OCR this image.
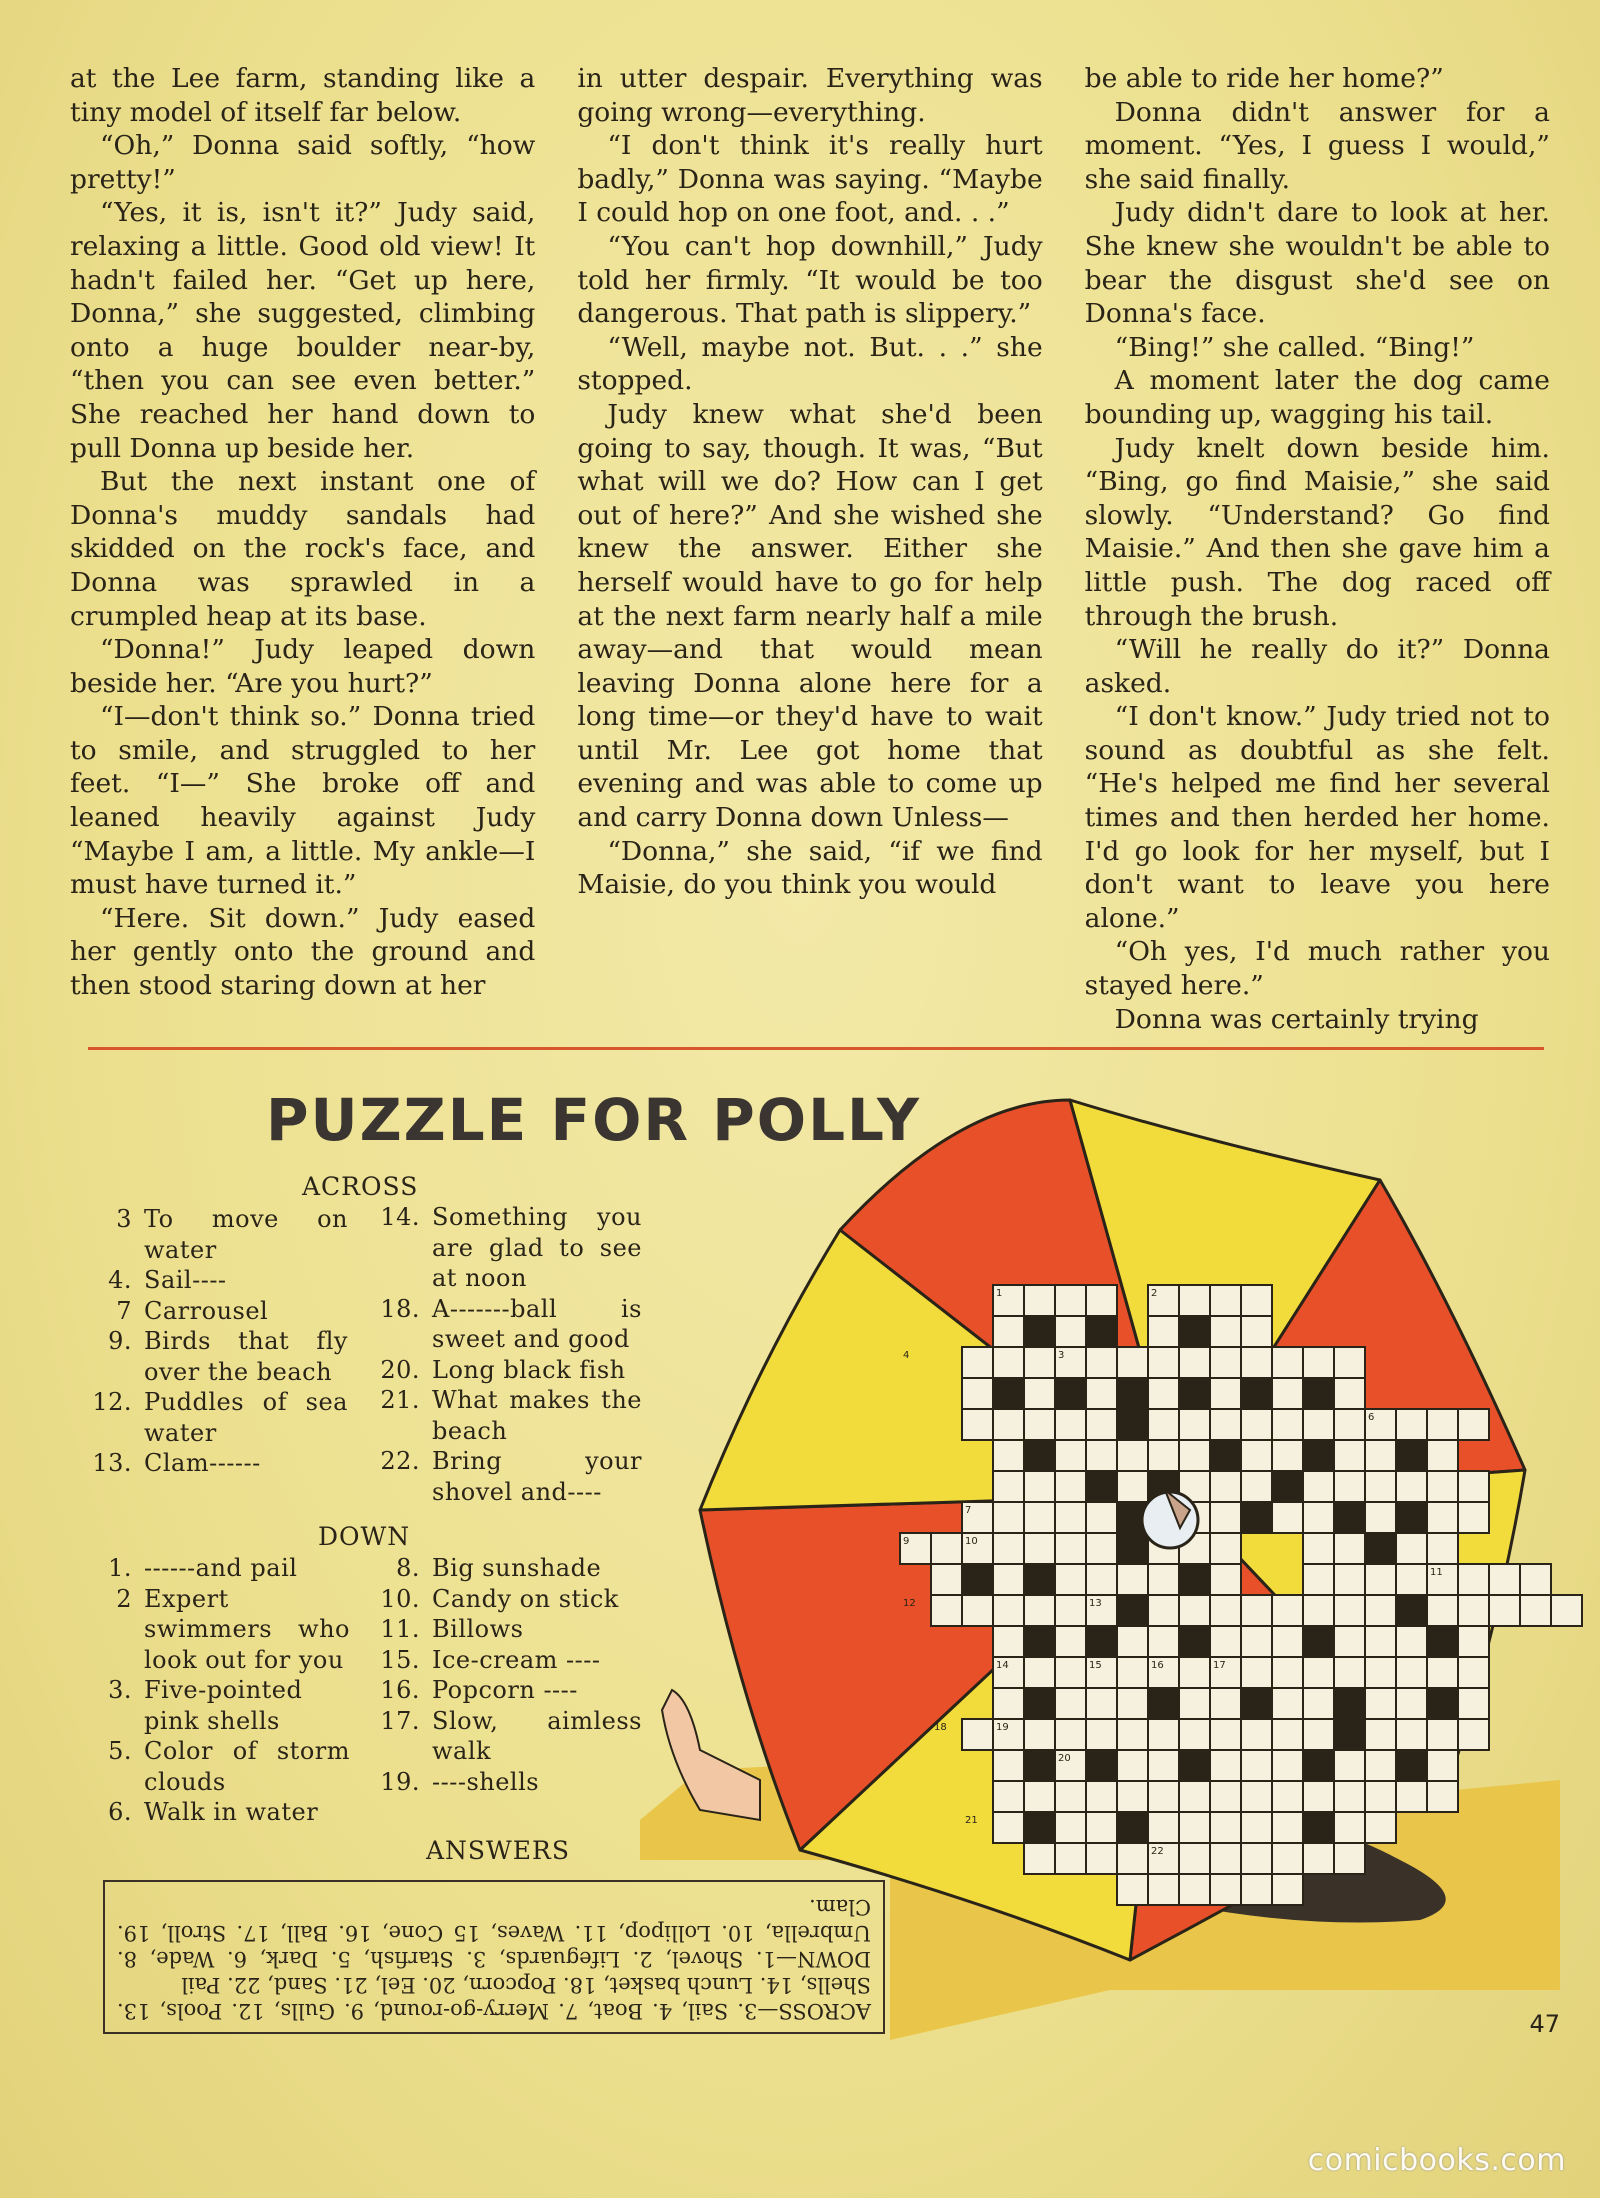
at the Lee farm, standing like a tiny model of itself far below.

“Oh,” Donna said softly, “how pretty!”

“Yes, it is, isn't it?” Judy said, relaxing a little. Good old view! It hadn't failed her. “Get up here, Donna,” she suggested, climbing onto a huge boulder near-by, “then you can see even better.” She reached her hand down to pull Donna up beside her.

But the next instant one of Donna's muddy sandals had skidded on the rock's face, and Donna was sprawled in a crumpled heap at its base.

“Donna!” Judy leaped down beside her. “Are you hurt?”

“I—don't think so.” Donna tried to smile, and struggled to her feet. “I—” She broke off and leaned heavily against Judy “Maybe I am, a little. My ankle—I must have turned it.”

“Here. Sit down.” Judy eased her gently onto the ground and then stood staring down at her

in utter despair. Everything was going wrong—everything.

“I don't think it's really hurt badly,” Donna was saying. “Maybe I could hop on one foot, and. . .”

“You can't hop downhill,” Judy told her firmly. “It would be too dangerous. That path is slippery.”

“Well, maybe not. But. . .” she stopped.

Judy knew what she'd been going to say, though. It was, “But what will we do? How can I get out of here?” And she wished she knew the answer. Either she herself would have to go for help at the next farm nearly half a mile away—and that would mean leaving Donna alone here for a long time—or they'd have to wait until Mr. Lee got home that evening and was able to come up and carry Donna down Unless—

“Donna,” she said, “if we find Maisie, do you think you would

be able to ride her home?”

Donna didn't answer for a moment. “Yes, I guess I would,” she said finally.

Judy didn't dare to look at her. She knew she wouldn't be able to bear the disgust she'd see on Donna's face.

“Bing!” she called. “Bing!”

A moment later the dog came bounding up, wagging his tail.

Judy knelt down beside him. “Bing, go find Maisie,” she said slowly. “Understand? Go find Maisie.” And then she gave him a little push. The dog raced off through the brush.

“Will he really do it?” Donna asked.

“I don't know.” Judy tried not to sound as doubtful as she felt. “He's helped me find her several times and then herded her home. I'd go look for her myself, but I don't want to leave you here alone.”

“Oh yes, I'd much rather you stayed here.”

Donna was certainly trying

1	2
3
4
5	6
7
9	10
11
12	13
14	15	16	17
18	19
20
21
22
PUZZLE FOR POLLY
ACROSS
3 To move on water
4. Sail----
7 Carrousel
9. Birds that fly over the beach
12. Puddles of sea water
13. Clam------
14. Something you are glad to see at noon
18. A-------ball is sweet and good
20. Long black fish
21. What makes the beach
22. Bring your shovel and----
DOWN
1. ------and pail
2 Expert swimmers who look out for you
3. Five-pointed pink shells
5. Color of storm clouds
6. Walk in water
8. Big sunshade
10. Candy on stick
11. Billows
15. Ice-cream ----
16. Popcorn ----
17. Slow, aimless walk
19. ----shells
ANSWERS
ACROSS—3. Sail, 4. Boat, 7. Merry-go-round, 9. Gulls, 12. Pools, 13. Shells, 14. Lunch basket, 18. Popcorn, 20. Eel, 21. Sand, 22. Pail
DOWN—1. Shovel, 2. Lifeguards, 3. Starfish, 5. Dark, 6. Wade, 8. Umbrella, 10. Lollipop, 11. Waves, 15 Cone, 16. Ball, 17. Stroll, 19. Clam.
47
comicbooks.com
